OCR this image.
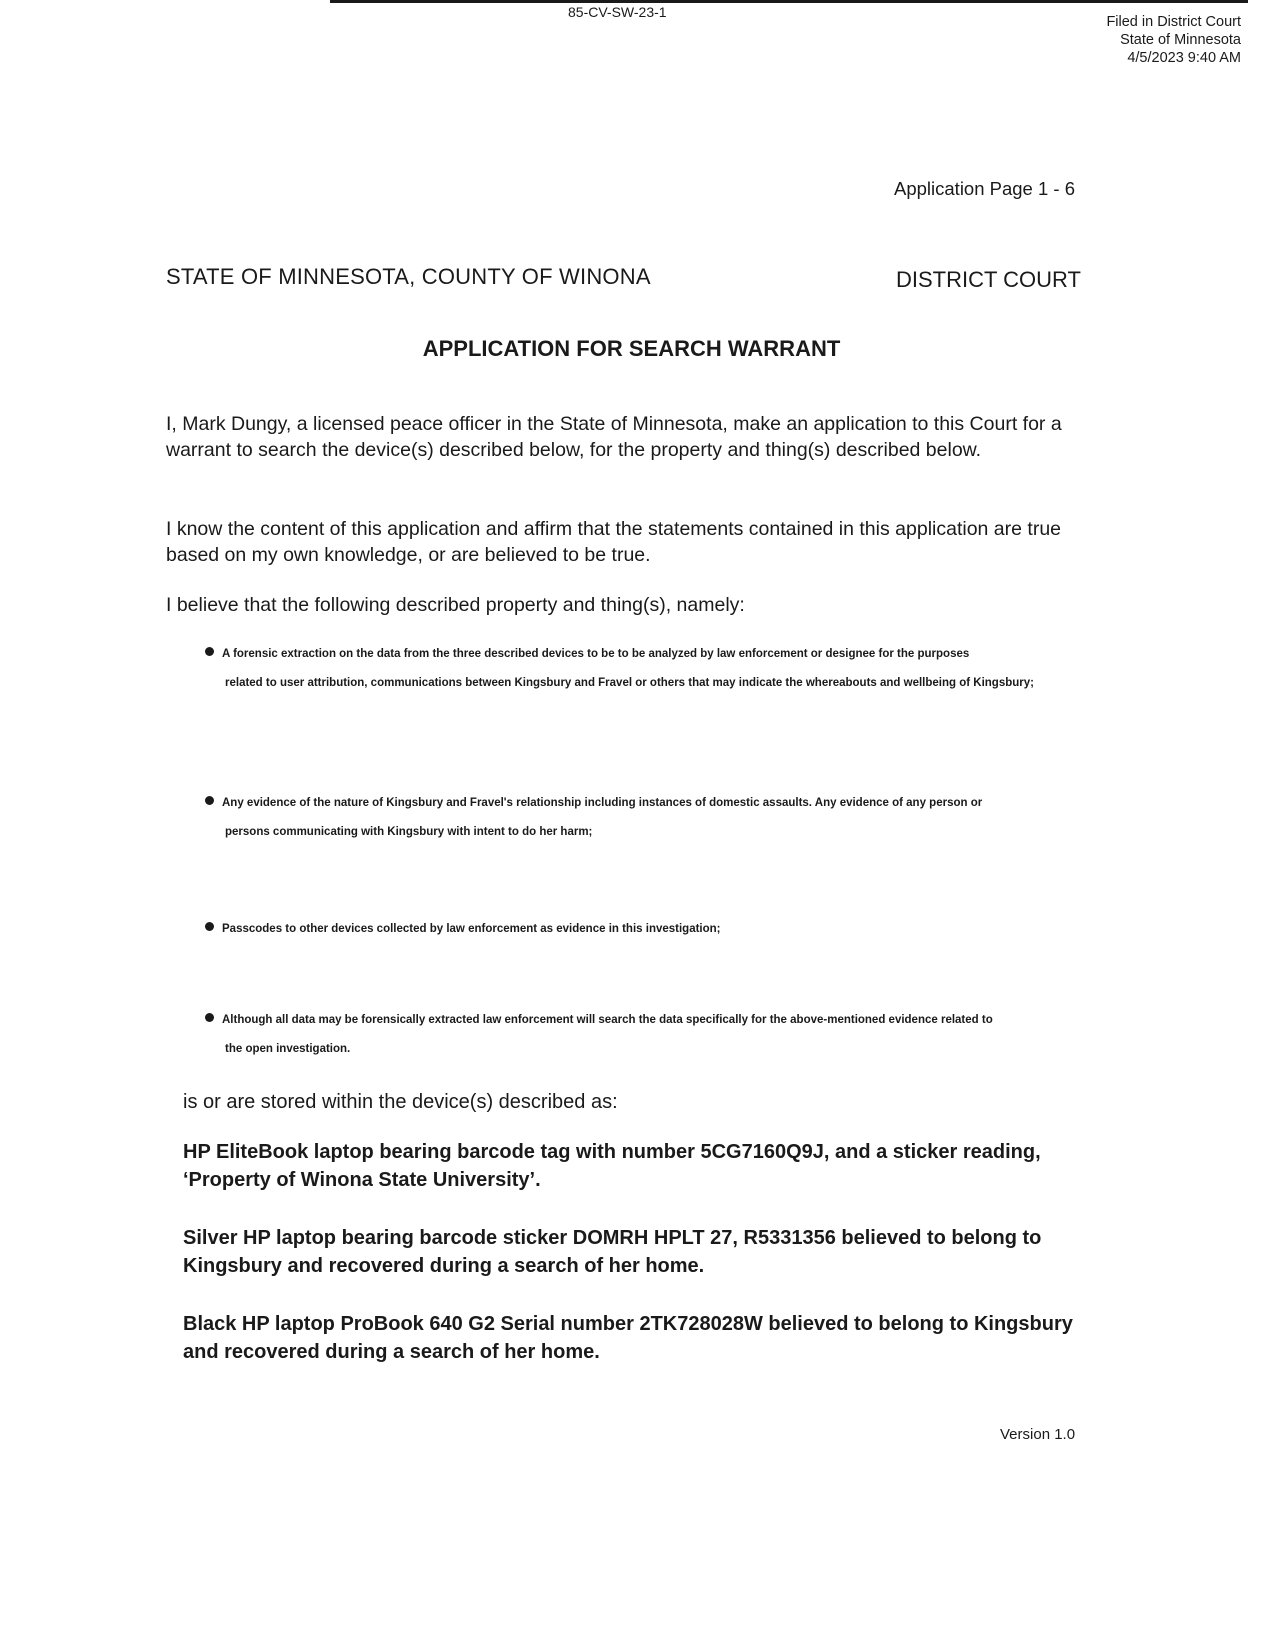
85-CV-SW-23-1
Filed in District Court
State of Minnesota
4/5/2023 9:40 AM
Application Page 1 - 6
STATE OF MINNESOTA, COUNTY OF WINONA	DISTRICT COURT
APPLICATION FOR SEARCH WARRANT

I, Mark Dungy, a licensed peace officer in the State of Minnesota, make an application to this Court for a warrant to search the device(s) described below, for the property and thing(s) described below.

I know the content of this application and affirm that the statements contained in this application are true based on my own knowledge, or are believed to be true.

I believe that the following described property and thing(s), namely:

A forensic extraction on the data from the three described devices to be to be analyzed by law enforcement or designee for the purposes
related to user attribution, communications between Kingsbury and Fravel or others that may indicate the whereabouts and wellbeing of Kingsbury;
Any evidence of the nature of Kingsbury and Fravel's relationship including instances of domestic assaults. Any evidence of any person or
persons communicating with Kingsbury with intent to do her harm;
Passcodes to other devices collected by law enforcement as evidence in this investigation;
Although all data may be forensically extracted law enforcement will search the data specifically for the above-mentioned evidence related to
the open investigation.
is or are stored within the device(s) described as:
HP EliteBook laptop bearing barcode tag with number 5CG7160Q9J, and a sticker reading, ‘Property of Winona State University’.
Silver HP laptop bearing barcode sticker DOMRH HPLT 27, R5331356 believed to belong to Kingsbury and recovered during a search of her home.
Black HP laptop ProBook 640 G2 Serial number 2TK728028W believed to belong to Kingsbury and recovered during a search of her home.
Version 1.0
